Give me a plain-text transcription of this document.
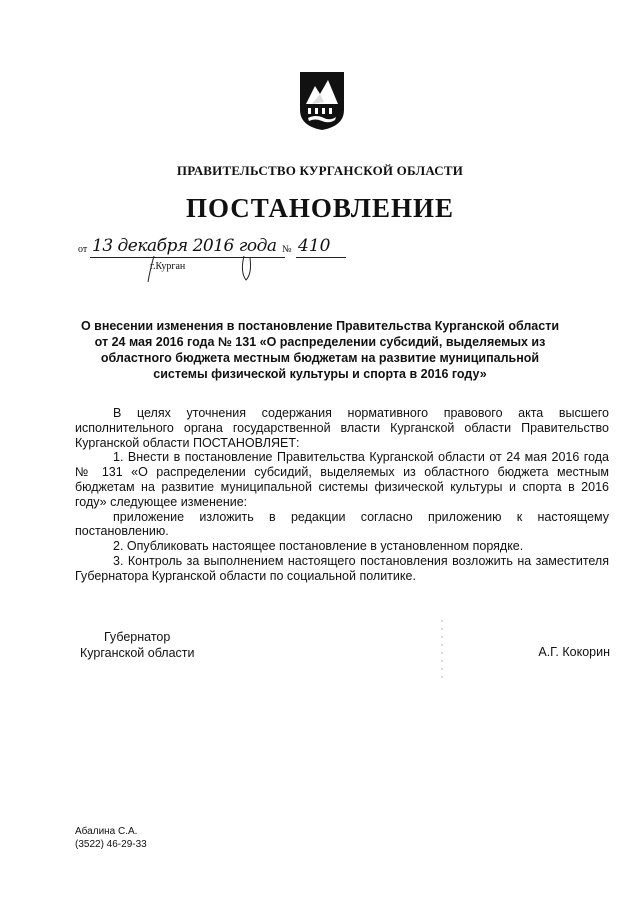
ПРАВИТЕЛЬСТВО КУРГАНСКОЙ ОБЛАСТИ
ПОСТАНОВЛЕНИЕ
от 13 декабря 2016 года № 410
г.Курган
О внесении изменения в постановление Правительства Курганской области от 24 мая 2016 года № 131 «О распределении субсидий, выделяемых из областного бюджета местным бюджетам на развитие муниципальной системы физической культуры и спорта в 2016 году»

В целях уточнения содержания нормативного правового акта высшего исполнительного органа государственной власти Курганской области Правительство Курганской области ПОСТАНОВЛЯЕТ:

1. Внести в постановление Правительства Курганской области от 24 мая 2016 года № 131 «О распределении субсидий, выделяемых из областного бюджета местным бюджетам на развитие муниципальной системы физической культуры и спорта в 2016 году» следующее изменение:

приложение изложить в редакции согласно приложению к настоящему постановлению.

2. Опубликовать настоящее постановление в установленном порядке.

3. Контроль за выполнением настоящего постановления возложить на заместителя Губернатора Курганской области по социальной политике.

Губернатор
Курганской области	А.Г. Кокорин
Абалина С.А.
(3522) 46-29-33
